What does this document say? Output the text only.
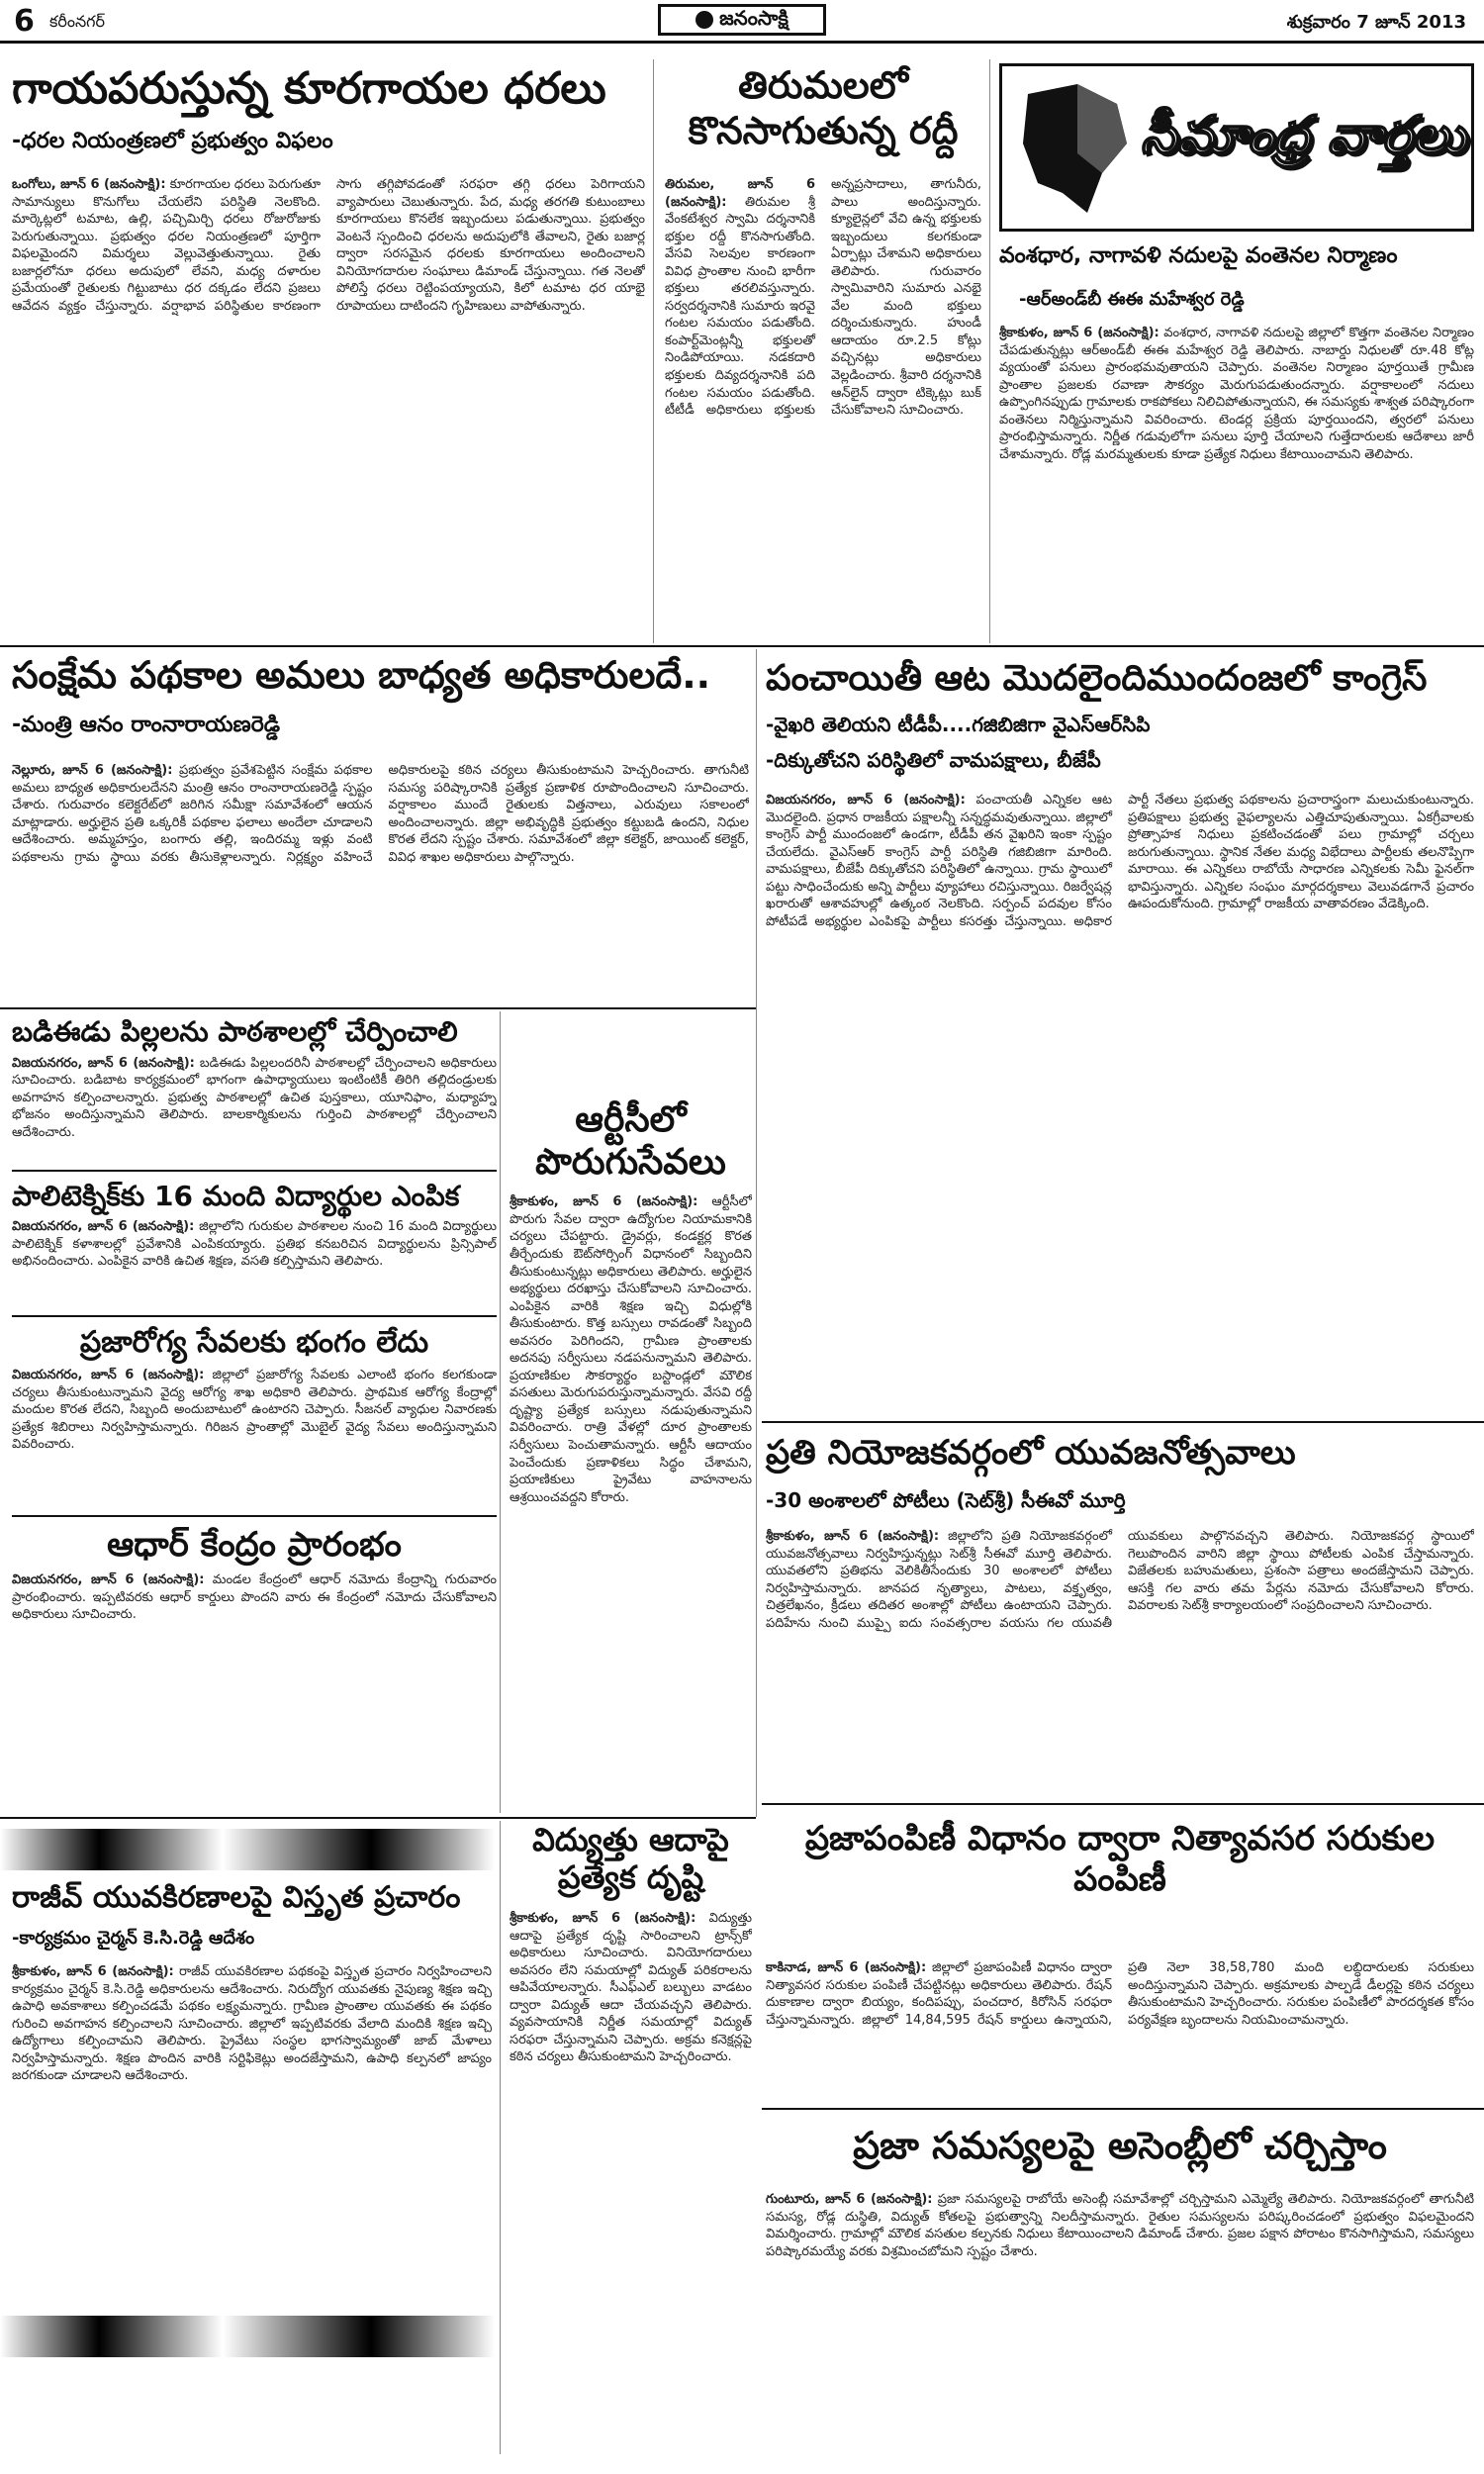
6 కరీంనగర్	జనంసాక్షి	శుక్రవారం 7 జూన్ 2013
గాయపరుస్తున్న కూరగాయల ధరలు
-ధరల నియంత్రణలో ప్రభుత్వం విఫలం
ఒంగోలు, జూన్ 6 (జనంసాక్షి): కూరగాయల ధరలు పెరుగుతూ సామాన్యులు కొనుగోలు చేయలేని పరిస్థితి నెలకొంది. మార్కెట్లలో టమాట, ఉల్లి, పచ్చిమిర్చి ధరలు రోజురోజుకు పెరుగుతున్నాయి. ప్రభుత్వం ధరల నియంత్రణలో పూర్తిగా విఫలమైందని విమర్శలు వెల్లువెత్తుతున్నాయి. రైతు బజార్లలోనూ ధరలు అదుపులో లేవని, మధ్య దళారుల ప్రమేయంతో రైతులకు గిట్టుబాటు ధర దక్కడం లేదని ప్రజలు ఆవేదన వ్యక్తం చేస్తున్నారు. వర్షాభావ పరిస్థితుల కారణంగా సాగు తగ్గిపోవడంతో సరఫరా తగ్గి ధరలు పెరిగాయని వ్యాపారులు చెబుతున్నారు. పేద, మధ్య తరగతి కుటుంబాలు కూరగాయలు కొనలేక ఇబ్బందులు పడుతున్నాయి. ప్రభుత్వం వెంటనే స్పందించి ధరలను అదుపులోకి తేవాలని, రైతు బజార్ల ద్వారా సరసమైన ధరలకు కూరగాయలు అందించాలని వినియోగదారుల సంఘాలు డిమాండ్ చేస్తున్నాయి. గత నెలతో పోలిస్తే ధరలు రెట్టింపయ్యాయని, కిలో టమాట ధర యాభై రూపాయలు దాటిందని గృహిణులు వాపోతున్నారు.
తిరుమలలో కొనసాగుతున్న రద్దీ
తిరుమల, జూన్ 6 (జనంసాక్షి): తిరుమల శ్రీ వేంకటేశ్వర స్వామి దర్శనానికి భక్తుల రద్దీ కొనసాగుతోంది. వేసవి సెలవుల కారణంగా వివిధ ప్రాంతాల నుంచి భారీగా భక్తులు తరలివస్తున్నారు. సర్వదర్శనానికి సుమారు ఇరవై గంటల సమయం పడుతోంది. కంపార్ట్‌మెంట్లన్నీ భక్తులతో నిండిపోయాయి. నడకదారి భక్తులకు దివ్యదర్శనానికి పది గంటల సమయం పడుతోంది. టీటీడీ అధికారులు భక్తులకు అన్నప్రసాదాలు, తాగునీరు, పాలు అందిస్తున్నారు. క్యూలైన్లలో వేచి ఉన్న భక్తులకు ఇబ్బందులు కలగకుండా ఏర్పాట్లు చేశామని అధికారులు తెలిపారు. గురువారం స్వామివారిని సుమారు ఎనభై వేల మంది భక్తులు దర్శించుకున్నారు. హుండీ ఆదాయం రూ.2.5 కోట్లు వచ్చినట్లు అధికారులు వెల్లడించారు. శ్రీవారి దర్శనానికి ఆన్‌లైన్ ద్వారా టిక్కెట్లు బుక్ చేసుకోవాలని సూచించారు.
సీమాంధ్ర వార్తలు
వంశధార, నాగావళి నదులపై వంతెనల నిర్మాణం
-ఆర్‌అండ్‌బీ ఈఈ మహేశ్వర రెడ్డి
శ్రీకాకుళం, జూన్ 6 (జనంసాక్షి): వంశధార, నాగావళి నదులపై జిల్లాలో కొత్తగా వంతెనల నిర్మాణం చేపడుతున్నట్లు ఆర్‌అండ్‌బీ ఈఈ మహేశ్వర రెడ్డి తెలిపారు. నాబార్డు నిధులతో రూ.48 కోట్ల వ్యయంతో పనులు ప్రారంభమవుతాయని చెప్పారు. వంతెనల నిర్మాణం పూర్తయితే గ్రామీణ ప్రాంతాల ప్రజలకు రవాణా సౌకర్యం మెరుగుపడుతుందన్నారు. వర్షాకాలంలో నదులు ఉప్పొంగినప్పుడు గ్రామాలకు రాకపోకలు నిలిచిపోతున్నాయని, ఈ సమస్యకు శాశ్వత పరిష్కారంగా వంతెనలు నిర్మిస్తున్నామని వివరించారు. టెండర్ల ప్రక్రియ పూర్తయిందని, త్వరలో పనులు ప్రారంభిస్తామన్నారు. నిర్ణీత గడువులోగా పనులు పూర్తి చేయాలని గుత్తేదారులకు ఆదేశాలు జారీ చేశామన్నారు. రోడ్ల మరమ్మతులకు కూడా ప్రత్యేక నిధులు కేటాయించామని తెలిపారు.
సంక్షేమ పథకాల అమలు బాధ్యత అధికారులదే..
-మంత్రి ఆనం రాంనారాయణరెడ్డి
నెల్లూరు, జూన్ 6 (జనంసాక్షి): ప్రభుత్వం ప్రవేశపెట్టిన సంక్షేమ పథకాల అమలు బాధ్యత అధికారులదేనని మంత్రి ఆనం రాంనారాయణరెడ్డి స్పష్టం చేశారు. గురువారం కలెక్టరేట్‌లో జరిగిన సమీక్షా సమావేశంలో ఆయన మాట్లాడారు. అర్హులైన ప్రతి ఒక్కరికీ పథకాల ఫలాలు అందేలా చూడాలని ఆదేశించారు. అమ్మహస్తం, బంగారు తల్లి, ఇందిరమ్మ ఇళ్లు వంటి పథకాలను గ్రామ స్థాయి వరకు తీసుకెళ్లాలన్నారు. నిర్లక్ష్యం వహించే అధికారులపై కఠిన చర్యలు తీసుకుంటామని హెచ్చరించారు. తాగునీటి సమస్య పరిష్కారానికి ప్రత్యేక ప్రణాళిక రూపొందించాలని సూచించారు. వర్షాకాలం ముందే రైతులకు విత్తనాలు, ఎరువులు సకాలంలో అందించాలన్నారు. జిల్లా అభివృద్ధికి ప్రభుత్వం కట్టుబడి ఉందని, నిధుల కొరత లేదని స్పష్టం చేశారు. సమావేశంలో జిల్లా కలెక్టర్, జాయింట్ కలెక్టర్, వివిధ శాఖల అధికారులు పాల్గొన్నారు.
పంచాయితీ ఆట మొదలైందిముందంజలో కాంగ్రెస్
-వైఖరి తెలియని టీడీపీ....గజిబిజిగా వైఎస్‌ఆర్‌సిపి
-దిక్కుతోచని పరిస్థితిలో వామపక్షాలు, బీజేపీ
విజయనగరం, జూన్ 6 (జనంసాక్షి): పంచాయతీ ఎన్నికల ఆట మొదలైంది. ప్రధాన రాజకీయ పక్షాలన్నీ సన్నద్ధమవుతున్నాయి. జిల్లాలో కాంగ్రెస్ పార్టీ ముందంజలో ఉండగా, టీడీపీ తన వైఖరిని ఇంకా స్పష్టం చేయలేదు. వైఎస్‌ఆర్ కాంగ్రెస్ పార్టీ పరిస్థితి గజిబిజిగా మారింది. వామపక్షాలు, బీజేపీ దిక్కుతోచని పరిస్థితిలో ఉన్నాయి. గ్రామ స్థాయిలో పట్టు సాధించేందుకు అన్ని పార్టీలు వ్యూహాలు రచిస్తున్నాయి. రిజర్వేషన్ల ఖరారుతో ఆశావహుల్లో ఉత్కంఠ నెలకొంది. సర్పంచ్ పదవుల కోసం పోటీపడే అభ్యర్థుల ఎంపికపై పార్టీలు కసరత్తు చేస్తున్నాయి. అధికార పార్టీ నేతలు ప్రభుత్వ పథకాలను ప్రచారాస్త్రంగా మలుచుకుంటున్నారు. ప్రతిపక్షాలు ప్రభుత్వ వైఫల్యాలను ఎత్తిచూపుతున్నాయి. ఏకగ్రీవాలకు ప్రోత్సాహక నిధులు ప్రకటించడంతో పలు గ్రామాల్లో చర్చలు జరుగుతున్నాయి. స్థానిక నేతల మధ్య విభేదాలు పార్టీలకు తలనొప్పిగా మారాయి. ఈ ఎన్నికలు రాబోయే సాధారణ ఎన్నికలకు సెమీ ఫైనల్‌గా భావిస్తున్నారు. ఎన్నికల సంఘం మార్గదర్శకాలు వెలువడగానే ప్రచారం ఊపందుకోనుంది. గ్రామాల్లో రాజకీయ వాతావరణం వేడెక్కింది.
బడిఈడు పిల్లలను పాఠశాలల్లో చేర్పించాలి
విజయనగరం, జూన్ 6 (జనంసాక్షి): బడిఈడు పిల్లలందరినీ పాఠశాలల్లో చేర్పించాలని అధికారులు సూచించారు. బడిబాట కార్యక్రమంలో భాగంగా ఉపాధ్యాయులు ఇంటింటికీ తిరిగి తల్లిదండ్రులకు అవగాహన కల్పించాలన్నారు. ప్రభుత్వ పాఠశాలల్లో ఉచిత పుస్తకాలు, యూనిఫాం, మధ్యాహ్న భోజనం అందిస్తున్నామని తెలిపారు. బాలకార్మికులను గుర్తించి పాఠశాలల్లో చేర్పించాలని ఆదేశించారు.
పాలిటెక్నిక్‌కు 16 మంది విద్యార్థుల ఎంపిక
విజయనగరం, జూన్ 6 (జనంసాక్షి): జిల్లాలోని గురుకుల పాఠశాలల నుంచి 16 మంది విద్యార్థులు పాలిటెక్నిక్ కళాశాలల్లో ప్రవేశానికి ఎంపికయ్యారు. ప్రతిభ కనబరిచిన విద్యార్థులను ప్రిన్సిపాల్ అభినందించారు. ఎంపికైన వారికి ఉచిత శిక్షణ, వసతి కల్పిస్తామని తెలిపారు.
ప్రజారోగ్య సేవలకు భంగం లేదు
విజయనగరం, జూన్ 6 (జనంసాక్షి): జిల్లాలో ప్రజారోగ్య సేవలకు ఎలాంటి భంగం కలగకుండా చర్యలు తీసుకుంటున్నామని వైద్య ఆరోగ్య శాఖ అధికారి తెలిపారు. ప్రాథమిక ఆరోగ్య కేంద్రాల్లో మందుల కొరత లేదని, సిబ్బంది అందుబాటులో ఉంటారని చెప్పారు. సీజనల్ వ్యాధుల నివారణకు ప్రత్యేక శిబిరాలు నిర్వహిస్తామన్నారు. గిరిజన ప్రాంతాల్లో మొబైల్ వైద్య సేవలు అందిస్తున్నామని వివరించారు.
ఆధార్ కేంద్రం ప్రారంభం
విజయనగరం, జూన్ 6 (జనంసాక్షి): మండల కేంద్రంలో ఆధార్ నమోదు కేంద్రాన్ని గురువారం ప్రారంభించారు. ఇప్పటివరకు ఆధార్ కార్డులు పొందని వారు ఈ కేంద్రంలో నమోదు చేసుకోవాలని అధికారులు సూచించారు.
ఆర్టీసీలో పొరుగుసేవలు
శ్రీకాకుళం, జూన్ 6 (జనంసాక్షి): ఆర్టీసీలో పొరుగు సేవల ద్వారా ఉద్యోగుల నియామకానికి చర్యలు చేపట్టారు. డ్రైవర్లు, కండక్టర్ల కొరత తీర్చేందుకు ఔట్‌సోర్సింగ్ విధానంలో సిబ్బందిని తీసుకుంటున్నట్లు అధికారులు తెలిపారు. అర్హులైన అభ్యర్థులు దరఖాస్తు చేసుకోవాలని సూచించారు. ఎంపికైన వారికి శిక్షణ ఇచ్చి విధుల్లోకి తీసుకుంటారు. కొత్త బస్సులు రావడంతో సిబ్బంది అవసరం పెరిగిందని, గ్రామీణ ప్రాంతాలకు అదనపు సర్వీసులు నడపనున్నామని తెలిపారు. ప్రయాణికుల సౌకర్యార్థం బస్టాండ్లలో మౌలిక వసతులు మెరుగుపరుస్తున్నామన్నారు. వేసవి రద్దీ దృష్ట్యా ప్రత్యేక బస్సులు నడుపుతున్నామని వివరించారు. రాత్రి వేళల్లో దూర ప్రాంతాలకు సర్వీసులు పెంచుతామన్నారు. ఆర్టీసీ ఆదాయం పెంచేందుకు ప్రణాళికలు సిద్ధం చేశామని, ప్రయాణికులు ప్రైవేటు వాహనాలను ఆశ్రయించవద్దని కోరారు.
విద్యుత్తు ఆదాపై ప్రత్యేక దృష్టి
శ్రీకాకుళం, జూన్ 6 (జనంసాక్షి): విద్యుత్తు ఆదాపై ప్రత్యేక దృష్టి సారించాలని ట్రాన్స్‌కో అధికారులు సూచించారు. వినియోగదారులు అవసరం లేని సమయాల్లో విద్యుత్ పరికరాలను ఆపివేయాలన్నారు. సీఎఫ్‌ఎల్ బల్బులు వాడటం ద్వారా విద్యుత్ ఆదా చేయవచ్చని తెలిపారు. వ్యవసాయానికి నిర్ణీత సమయాల్లో విద్యుత్ సరఫరా చేస్తున్నామని చెప్పారు. అక్రమ కనెక్షన్లపై కఠిన చర్యలు తీసుకుంటామని హెచ్చరించారు.
రాజీవ్ యువకిరణాలపై విస్తృత ప్రచారం
-కార్యక్రమం చైర్మన్ కె.సి.రెడ్డి ఆదేశం
శ్రీకాకుళం, జూన్ 6 (జనంసాక్షి): రాజీవ్ యువకిరణాల పథకంపై విస్తృత ప్రచారం నిర్వహించాలని కార్యక్రమం చైర్మన్ కె.సి.రెడ్డి అధికారులను ఆదేశించారు. నిరుద్యోగ యువతకు నైపుణ్య శిక్షణ ఇచ్చి ఉపాధి అవకాశాలు కల్పించడమే పథకం లక్ష్యమన్నారు. గ్రామీణ ప్రాంతాల యువతకు ఈ పథకం గురించి అవగాహన కల్పించాలని సూచించారు. జిల్లాలో ఇప్పటివరకు వేలాది మందికి శిక్షణ ఇచ్చి ఉద్యోగాలు కల్పించామని తెలిపారు. ప్రైవేటు సంస్థల భాగస్వామ్యంతో జాబ్ మేళాలు నిర్వహిస్తామన్నారు. శిక్షణ పొందిన వారికి సర్టిఫికెట్లు అందజేస్తామని, ఉపాధి కల్పనలో జాప్యం జరగకుండా చూడాలని ఆదేశించారు.
ప్రతి నియోజకవర్గంలో యువజనోత్సవాలు
-30 అంశాలలో పోటీలు (సెట్‌శ్రీ) సీఈవో మూర్తి
శ్రీకాకుళం, జూన్ 6 (జనంసాక్షి): జిల్లాలోని ప్రతి నియోజకవర్గంలో యువజనోత్సవాలు నిర్వహిస్తున్నట్లు సెట్‌శ్రీ సీఈవో మూర్తి తెలిపారు. యువతలోని ప్రతిభను వెలికితీసేందుకు 30 అంశాలలో పోటీలు నిర్వహిస్తామన్నారు. జానపద నృత్యాలు, పాటలు, వక్తృత్వం, చిత్రలేఖనం, క్రీడలు తదితర అంశాల్లో పోటీలు ఉంటాయని చెప్పారు. పదిహేను నుంచి ముప్పై ఐదు సంవత్సరాల వయసు గల యువతీ యువకులు పాల్గొనవచ్చని తెలిపారు. నియోజకవర్గ స్థాయిలో గెలుపొందిన వారిని జిల్లా స్థాయి పోటీలకు ఎంపిక చేస్తామన్నారు. విజేతలకు బహుమతులు, ప్రశంసా పత్రాలు అందజేస్తామని చెప్పారు. ఆసక్తి గల వారు తమ పేర్లను నమోదు చేసుకోవాలని కోరారు. వివరాలకు సెట్‌శ్రీ కార్యాలయంలో సంప్రదించాలని సూచించారు.
ప్రజాపంపిణీ విధానం ద్వారా నిత్యావసర సరుకుల పంపిణీ
కాకినాడ, జూన్ 6 (జనంసాక్షి): జిల్లాలో ప్రజాపంపిణీ విధానం ద్వారా నిత్యావసర సరుకుల పంపిణీ చేపట్టినట్లు అధికారులు తెలిపారు. రేషన్ దుకాణాల ద్వారా బియ్యం, కందిపప్పు, పంచదార, కిరోసిన్ సరఫరా చేస్తున్నామన్నారు. జిల్లాలో 14,84,595 రేషన్ కార్డులు ఉన్నాయని, ప్రతి నెలా 38,58,780 మంది లబ్ధిదారులకు సరుకులు అందిస్తున్నామని చెప్పారు. అక్రమాలకు పాల్పడే డీలర్లపై కఠిన చర్యలు తీసుకుంటామని హెచ్చరించారు. సరుకుల పంపిణీలో పారదర్శకత కోసం పర్యవేక్షణ బృందాలను నియమించామన్నారు.
ప్రజా సమస్యలపై అసెంబ్లీలో చర్చిస్తాం
గుంటూరు, జూన్ 6 (జనంసాక్షి): ప్రజా సమస్యలపై రాబోయే అసెంబ్లీ సమావేశాల్లో చర్చిస్తామని ఎమ్మెల్యే తెలిపారు. నియోజకవర్గంలో తాగునీటి సమస్య, రోడ్ల దుస్థితి, విద్యుత్ కోతలపై ప్రభుత్వాన్ని నిలదీస్తామన్నారు. రైతుల సమస్యలను పరిష్కరించడంలో ప్రభుత్వం విఫలమైందని విమర్శించారు. గ్రామాల్లో మౌలిక వసతుల కల్పనకు నిధులు కేటాయించాలని డిమాండ్ చేశారు. ప్రజల పక్షాన పోరాటం కొనసాగిస్తామని, సమస్యలు పరిష్కారమయ్యే వరకు విశ్రమించబోమని స్పష్టం చేశారు.
